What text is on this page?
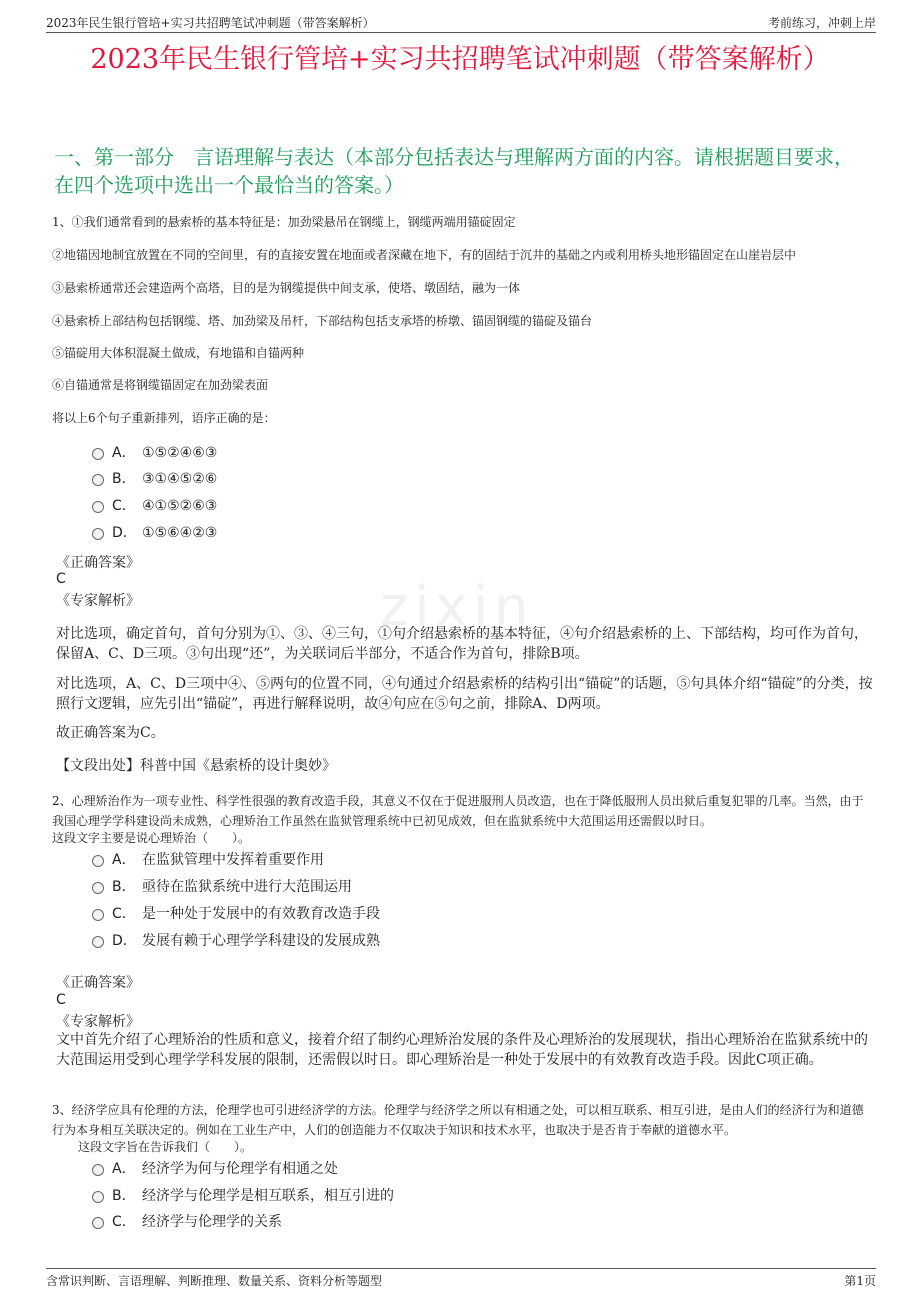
2023年民生银行管培+实习共招聘笔试冲刺题（带答案解析）	考前练习，冲刺上岸
zixin
2023年民生银行管培+实习共招聘笔试冲刺题（带答案解析）
一、第一部分　言语理解与表达（本部分包括表达与理解两方面的内容。请根据题目要求，在四个选项中选出一个最恰当的答案。）
1、①我们通常看到的悬索桥的基本特征是：加劲梁悬吊在钢缆上，钢缆两端用锚碇固定
②地锚因地制宜放置在不同的空间里，有的直接安置在地面或者深藏在地下，有的固结于沉井的基础之内或利用桥头地形锚固定在山崖岩层中
③悬索桥通常还会建造两个高塔，目的是为钢缆提供中间支承，使塔、墩固结，融为一体
④悬索桥上部结构包括钢缆、塔、加劲梁及吊杆，下部结构包括支承塔的桥墩、锚固钢缆的锚碇及锚台
⑤锚碇用大体积混凝土做成，有地锚和自锚两种
⑥自锚通常是将钢缆锚固定在加劲梁表面
将以上6个句子重新排列，语序正确的是：
A． ①⑤②④⑥③
B． ③①④⑤②⑥
C． ④①⑤②⑥③
D． ①⑤⑥④②③
《正确答案》
C
《专家解析》
对比选项，确定首句，首句分别为①、③、④三句，①句介绍悬索桥的基本特征，④句介绍悬索桥的上、下部结构，均可作为首句，保留A、C、D三项。③句出现“还”，为关联词后半部分，不适合作为首句，排除B项。
对比选项，A、C、D三项中④、⑤两句的位置不同，④句通过介绍悬索桥的结构引出“锚碇”的话题，⑤句具体介绍“锚碇”的分类，按照行文逻辑，应先引出“锚碇”，再进行解释说明，故④句应在⑤句之前，排除A、D两项。
故正确答案为C。
【文段出处】科普中国《悬索桥的设计奥妙》
2、心理矫治作为一项专业性、科学性很强的教育改造手段，其意义不仅在于促进服刑人员改造，也在于降低服刑人员出狱后重复犯罪的几率。当然，由于我国心理学学科建设尚未成熟，心理矫治工作虽然在监狱管理系统中已初见成效，但在监狱系统中大范围运用还需假以时日。
这段文字主要是说心理矫治（　　）。
A． 在监狱管理中发挥着重要作用
B． 亟待在监狱系统中进行大范围运用
C． 是一种处于发展中的有效教育改造手段
D． 发展有赖于心理学学科建设的发展成熟
《正确答案》
C
《专家解析》
文中首先介绍了心理矫治的性质和意义，接着介绍了制约心理矫治发展的条件及心理矫治的发展现状，指出心理矫治在监狱系统中的大范围运用受到心理学学科发展的限制，还需假以时日。即心理矫治是一种处于发展中的有效教育改造手段。因此C项正确。
3、经济学应具有伦理的方法，伦理学也可引进经济学的方法。伦理学与经济学之所以有相通之处，可以相互联系、相互引进，是由人们的经济行为和道德行为本身相互关联决定的。例如在工业生产中，人们的创造能力不仅取决于知识和技术水平，也取决于是否肯于奉献的道德水平。
这段文字旨在告诉我们（　　）。
A． 经济学为何与伦理学有相通之处
B． 经济学与伦理学是相互联系，相互引进的
C． 经济学与伦理学的关系
含常识判断、言语理解、判断推理、数量关系、资料分析等题型	第1页
